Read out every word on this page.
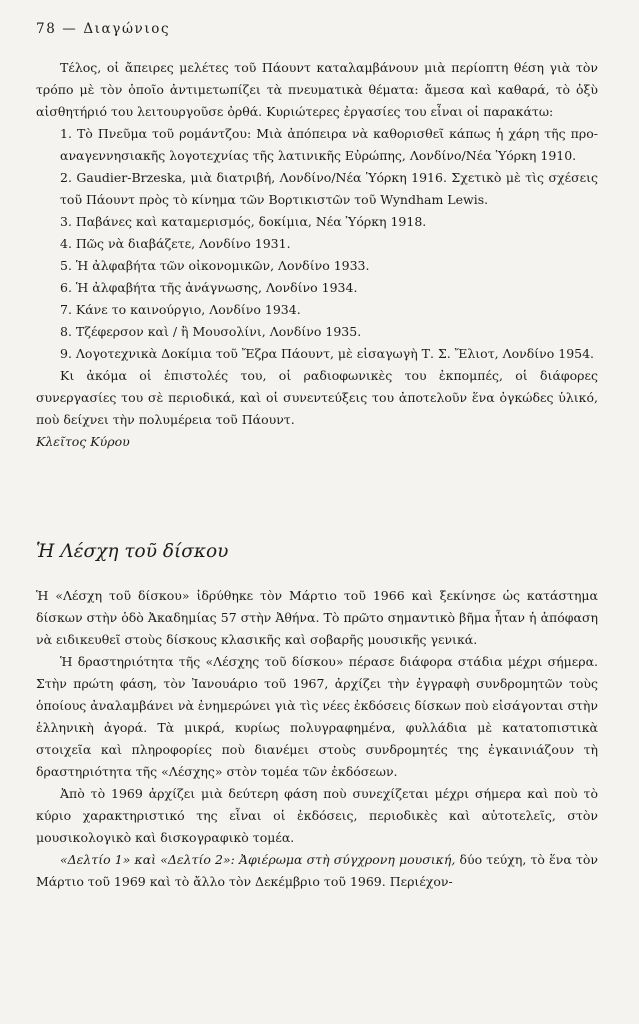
78 — Διαγώνιος

Τέλος, οἱ ἄπειρες μελέτες τοῦ Πάουντ καταλαμβάνουν μιὰ περίοπτη θέση γιὰ τὸν τρόπο μὲ τὸν ὁποῖο ἀντιμετωπίζει τὰ πνευματικὰ θέματα: ἄμεσα καὶ καθαρά, τὸ ὀξὺ αἰσθητήριό του λειτουργοῦσε ὀρθά. Κυριώτερες ἐργασίες του εἶναι οἱ παρακάτω:

1. Τὸ Πνεῦμα τοῦ ρομάντζου: Μιὰ ἀπόπειρα νὰ καθορισθεῖ κάπως ἡ χάρη τῆς προ-αναγεννησιακῆς λογοτεχνίας τῆς λατινικῆς Εὐρώπης, Λονδίνο/Νέα Ὑόρκη 1910.

2. Gaudier-Brzeska, μιὰ διατριβή, Λονδίνο/Νέα Ὑόρκη 1916. Σχετικὸ μὲ τὶς σχέσεις τοῦ Πάουντ πρὸς τὸ κίνημα τῶν Βορτικιστῶν τοῦ Wyndham Lewis.

3. Παβάνες καὶ καταμερισμός, δοκίμια, Νέα Ὑόρκη 1918.

4. Πῶς νὰ διαβάζετε, Λονδίνο 1931.

5. Ἡ ἀλφαβήτα τῶν οἰκονομικῶν, Λονδίνο 1933.

6. Ἡ ἀλφαβήτα τῆς ἀνάγνωσης, Λονδίνο 1934.

7. Κάνε το καινούργιο, Λονδίνο 1934.

8. Τζέφερσον καὶ / ἢ Μουσολίνι, Λονδίνο 1935.

9. Λογοτεχνικὰ Δοκίμια τοῦ Ἔζρα Πάουντ, μὲ εἰσαγωγὴ Τ. Σ. Ἔλιοτ, Λονδίνο 1954.

Κι ἀκόμα οἱ ἐπιστολές του, οἱ ραδιοφωνικὲς του ἐκπομπές, οἱ διάφορες συνεργασίες του σὲ περιοδικά, καὶ οἱ συνεντεύξεις του ἀποτελοῦν ἕνα ὀγκώδες ὑλικό, ποὺ δείχνει τὴν πολυμέρεια τοῦ Πάουντ.

Κλεῖτος Κύρου

Ἡ Λέσχη τοῦ δίσκου

Ἡ «Λέσχη τοῦ δίσκου» ἱδρύθηκε τὸν Μάρτιο τοῦ 1966 καὶ ξεκίνησε ὡς κατάστημα δίσκων στὴν ὁδὸ Ἀκαδημίας 57 στὴν Ἀθήνα. Τὸ πρῶτο σημαντικὸ βῆμα ἦταν ἡ ἀπόφαση νὰ ειδικευθεῖ στοὺς δίσκους κλασικῆς καὶ σοβαρῆς μουσικῆς γενικά.

Ἡ δραστηριότητα τῆς «Λέσχης τοῦ δίσκου» πέρασε διάφορα στάδια μέχρι σήμερα. Στὴν πρώτη φάση, τὸν Ἰανουάριο τοῦ 1967, ἀρχίζει τὴν ἐγγραφὴ συνδρομητῶν τοὺς ὁποίους ἀναλαμβάνει νὰ ἐνημερώνει γιὰ τὶς νέες ἐκδόσεις δίσκων ποὺ εἰσάγονται στὴν ἑλληνικὴ ἀγορά. Τὰ μικρά, κυρίως πολυγραφημένα, φυλλάδια μὲ κατατοπιστικὰ στοιχεῖα καὶ πληροφορίες ποὺ διανέμει στοὺς συνδρομητές της ἐγκαινιάζουν τὴ δραστηριότητα τῆς «Λέσχης» στὸν τομέα τῶν ἐκδόσεων.

Ἀπὸ τὸ 1969 ἀρχίζει μιὰ δεύτερη φάση ποὺ συνεχίζεται μέχρι σήμερα καὶ ποὺ τὸ κύριο χαρακτηριστικό της εἶναι οἱ ἐκδόσεις, περιοδικὲς καὶ αὐτοτελεῖς, στὸν μουσικολογικὸ καὶ δισκογραφικὸ τομέα.

«Δελτίο 1» καὶ «Δελτίο 2»: Ἀφιέρωμα στὴ σύγχρονη μουσική, δύο τεύχη, τὸ ἕνα τὸν Μάρτιο τοῦ 1969 καὶ τὸ ἄλλο τὸν Δεκέμβριο τοῦ 1969. Περιέχον-
